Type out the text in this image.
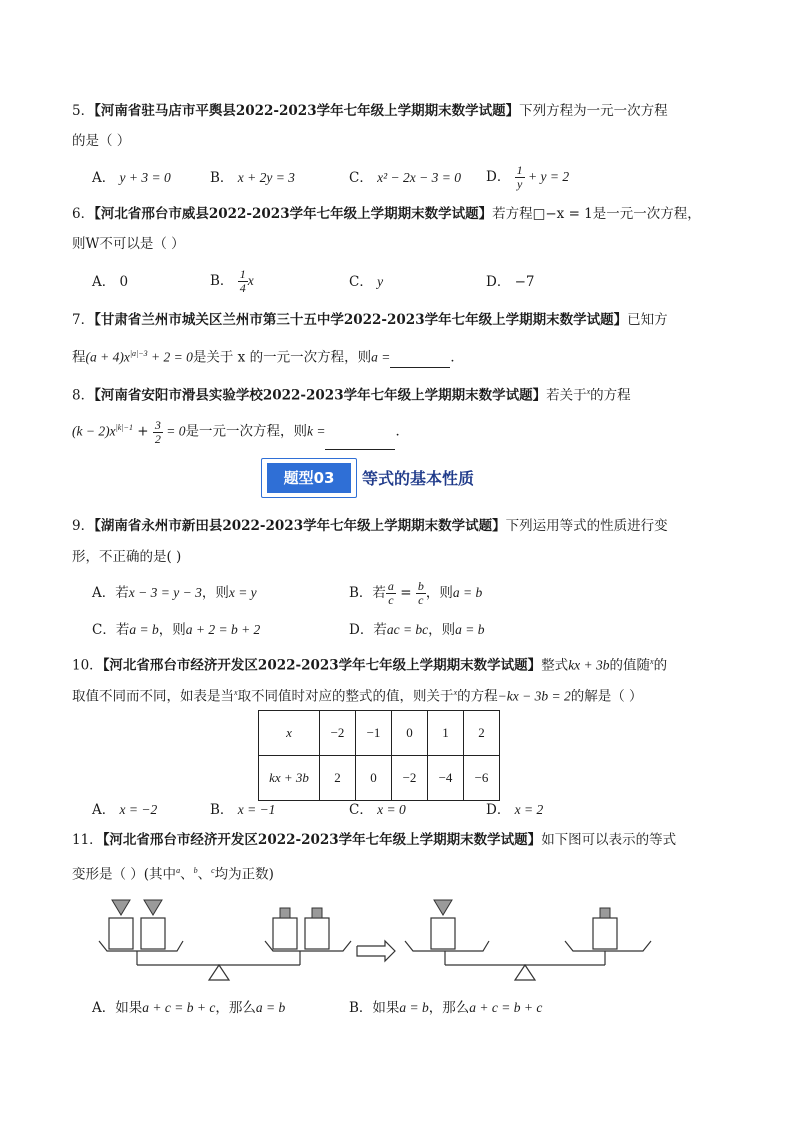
5．【河南省驻马店市平舆县2022-2023学年七年级上学期期末数学试题】下列方程为一元一次方程
的是（ ）
A． y + 3 = 0	B． x + 2y = 3	C． x² − 2x − 3 = 0 D． $\frac{1}{y} + y = 2$
6．【河北省邢台市威县2022-2023学年七年级上学期期末数学试题】若方程□−x = 1是一元一次方程，
则W不可以是（ ）
A． 0	B． $\frac{1}{4}$ x	C． y	D． −7
7．【甘肃省兰州市城关区兰州市第三十五中学2022-2023学年七年级上学期期末数学试题】已知方
程$(a + 4)x^{|a|-3} + 2 = 0$是关于 x 的一元一次方程，则a =	．
8．【河南省安阳市滑县实验学校2022-2023学年七年级上学期期末数学试题】若关于$^x$的方程
$(k - 2)x^{|k|-1} + \frac{3}{2} = 0$是一元一次方程，则k =	．
题型03	等式的基本性质
9．【湖南省永州市新田县2022-2023学年七年级上学期期末数学试题】下列运用等式的性质进行变
形，不正确的是( )
A．若x − 3 = y − 3，则x = y	B．若 $\frac{a}{c} = \frac{b}{c}$ ，则a = b
C．若a = b，则a + 2 = b + 2	D．若ac = bc，则a = b
10．【河北省邢台市经济开发区2022-2023学年七年级上学期期末数学试题】整式kx + 3b的值随$^x$的
取值不同而不同，如表是当$^x$取不同值时对应的整式的值，则关于$^x$的方程−kx − 3b = 2的解是（ ）
x	−2	−1	0	1	2
kx + 3b	2	0	−2	−4	−6
A． x = −2	B． x = −1	C． x = 0	D． x = 2
11．【河北省邢台市经济开发区2022-2023学年七年级上学期期末数学试题】如下图可以表示的等式
变形是（ ）(其中$^a$、$^b$、$^c$均为正数)
A．如果a + c = b + c，那么a = b	B．如果a = b，那么a + c = b + c
